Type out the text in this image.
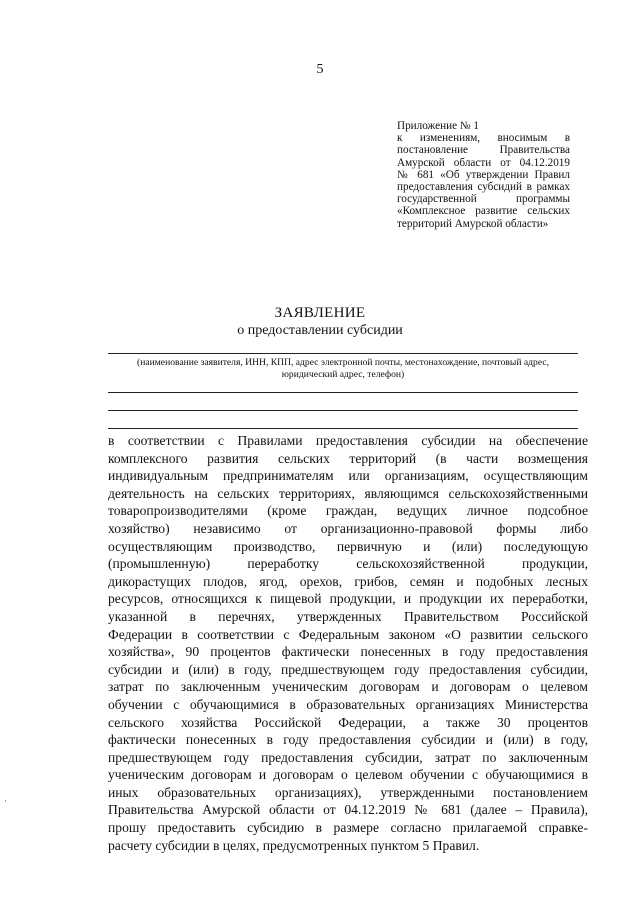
5
Приложение № 1
к изменениям, вносимым в
постановление Правительства
Амурской области от 04.12.2019
№ 681 «Об утверждении Правил
предоставления субсидий в рамках
государственной программы
«Комплексное развитие сельских
территорий Амурской области»
ЗАЯВЛЕНИЕ
о предоставлении субсидии
(наименование заявителя, ИНН, КПП, адрес электронной почты, местонахождение, почтовый адрес,
юридический адрес, телефон)
в соответствии с Правилами предоставления субсидии на обеспечение
комплексного развития сельских территорий (в части возмещения
индивидуальным предпринимателям или организациям, осуществляющим
деятельность на сельских территориях, являющимся сельскохозяйственными
товаропроизводителями (кроме граждан, ведущих личное подсобное
хозяйство) независимо от организационно-правовой формы либо
осуществляющим производство, первичную и (или) последующую
(промышленную) переработку сельскохозяйственной продукции,
дикорастущих плодов, ягод, орехов, грибов, семян и подобных лесных
ресурсов, относящихся к пищевой продукции, и продукции их переработки,
указанной в перечнях, утвержденных Правительством Российской
Федерации в соответствии с Федеральным законом «О развитии сельского
хозяйства», 90 процентов фактически понесенных в году предоставления
субсидии и (или) в году, предшествующем году предоставления субсидии,
затрат по заключенным ученическим договорам и договорам о целевом
обучении с обучающимися в образовательных организациях Министерства
сельского хозяйства Российской Федерации, а также 30 процентов
фактически понесенных в году предоставления субсидии и (или) в году,
предшествующем году предоставления субсидии, затрат по заключенным
ученическим договорам и договорам о целевом обучении с обучающимися в
иных образовательных организациях), утвержденными постановлением
Правительства Амурской области от 04.12.2019 № 681 (далее – Правила),
прошу предоставить субсидию в размере согласно прилагаемой справке-
расчету субсидии в целях, предусмотренных пунктом 5 Правил.
